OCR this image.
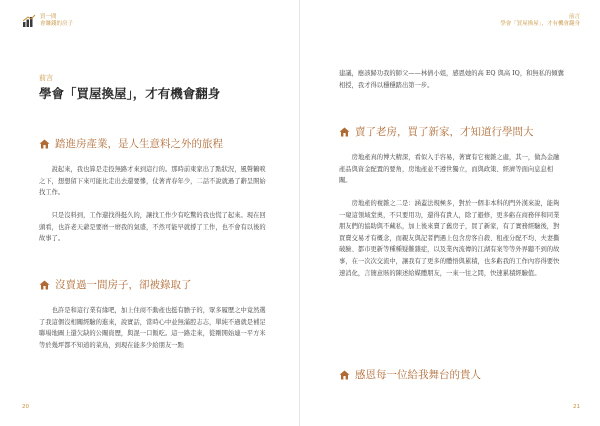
買一間
會賺錢的房子
前言
學會「買屋換屋」，才有機會翻身
踏進房產業，是人生意料之外的旅程

說起來，我也算是走投無路才來到這行的。那時前東家出了點狀況，風聲鶴唳之下，想想留下來可能比走出去還要慘，仗著青春年少，二話不說就過了辭呈開始找工作。

只是沒料到，工作還找得挺久的，讓找工作少有吃驚的我也慌了起來。現在回頭看，也許老天爺是要磨一磨我的氣盛，不然可能早就撐了工作，也不會有以後的故事了。

沒賣過一間房子，卻被錄取了

也許是和這行業有緣吧，加上住商不動產也挺有膽子的，眾多履歷之中竟然選了我這個沒相關經驗的進來，說實話，當時心中並無滿腔志志，單純不過就是補足聯場地圖上還欠缺的公關資歷，與混一口飯吃。這一路走來，從剛開始連一平方米等於幾坪都不知道的菜鳥，到現在能多少給朋友一點

20
前言
學會「買屋換屋」，才有機會翻身

建議，應該歸功我的師父——林倩小姐，感恩她的高 EQ 與高 IQ，和無私的傾囊相授，我才得以穩穩踏出第一步。

賣了老房，買了新家，才知道行學問大

房地產真的博大精深，看似入手容易，著實有它複雜之處，其一，做為金融產品與資金配置的要角，房地產並不遵世獨立，而與政策、經濟等面向息息相關。

房地產的複雜之二是：涵蓋法規極多，對於一個非本科的門外漢來說，能夠一窺這領域堂奧，不只要用功，還得有貴人，除了避修，更多虧在商務伴和同業朋友們的協助與不藏私，加上後來賣了舊房子，買了新家，有了實務經驗後，對買賣交易才有概念，而親友與記者們遇上包含房客自殺、租產分配不均、夫妻撕破臉、都市更新等種種疑難雜症，以及業內流傳的江湖有案等等外界聽不到的故事，在一次次交流中，讓我有了更多的體悟與累積，也多虧我的工作內容得要快速消化，言簡意賅的陳述給媒體朋友，一來一往之間，快速累積經驗值。

感恩每一位給我舞台的貴人
21
